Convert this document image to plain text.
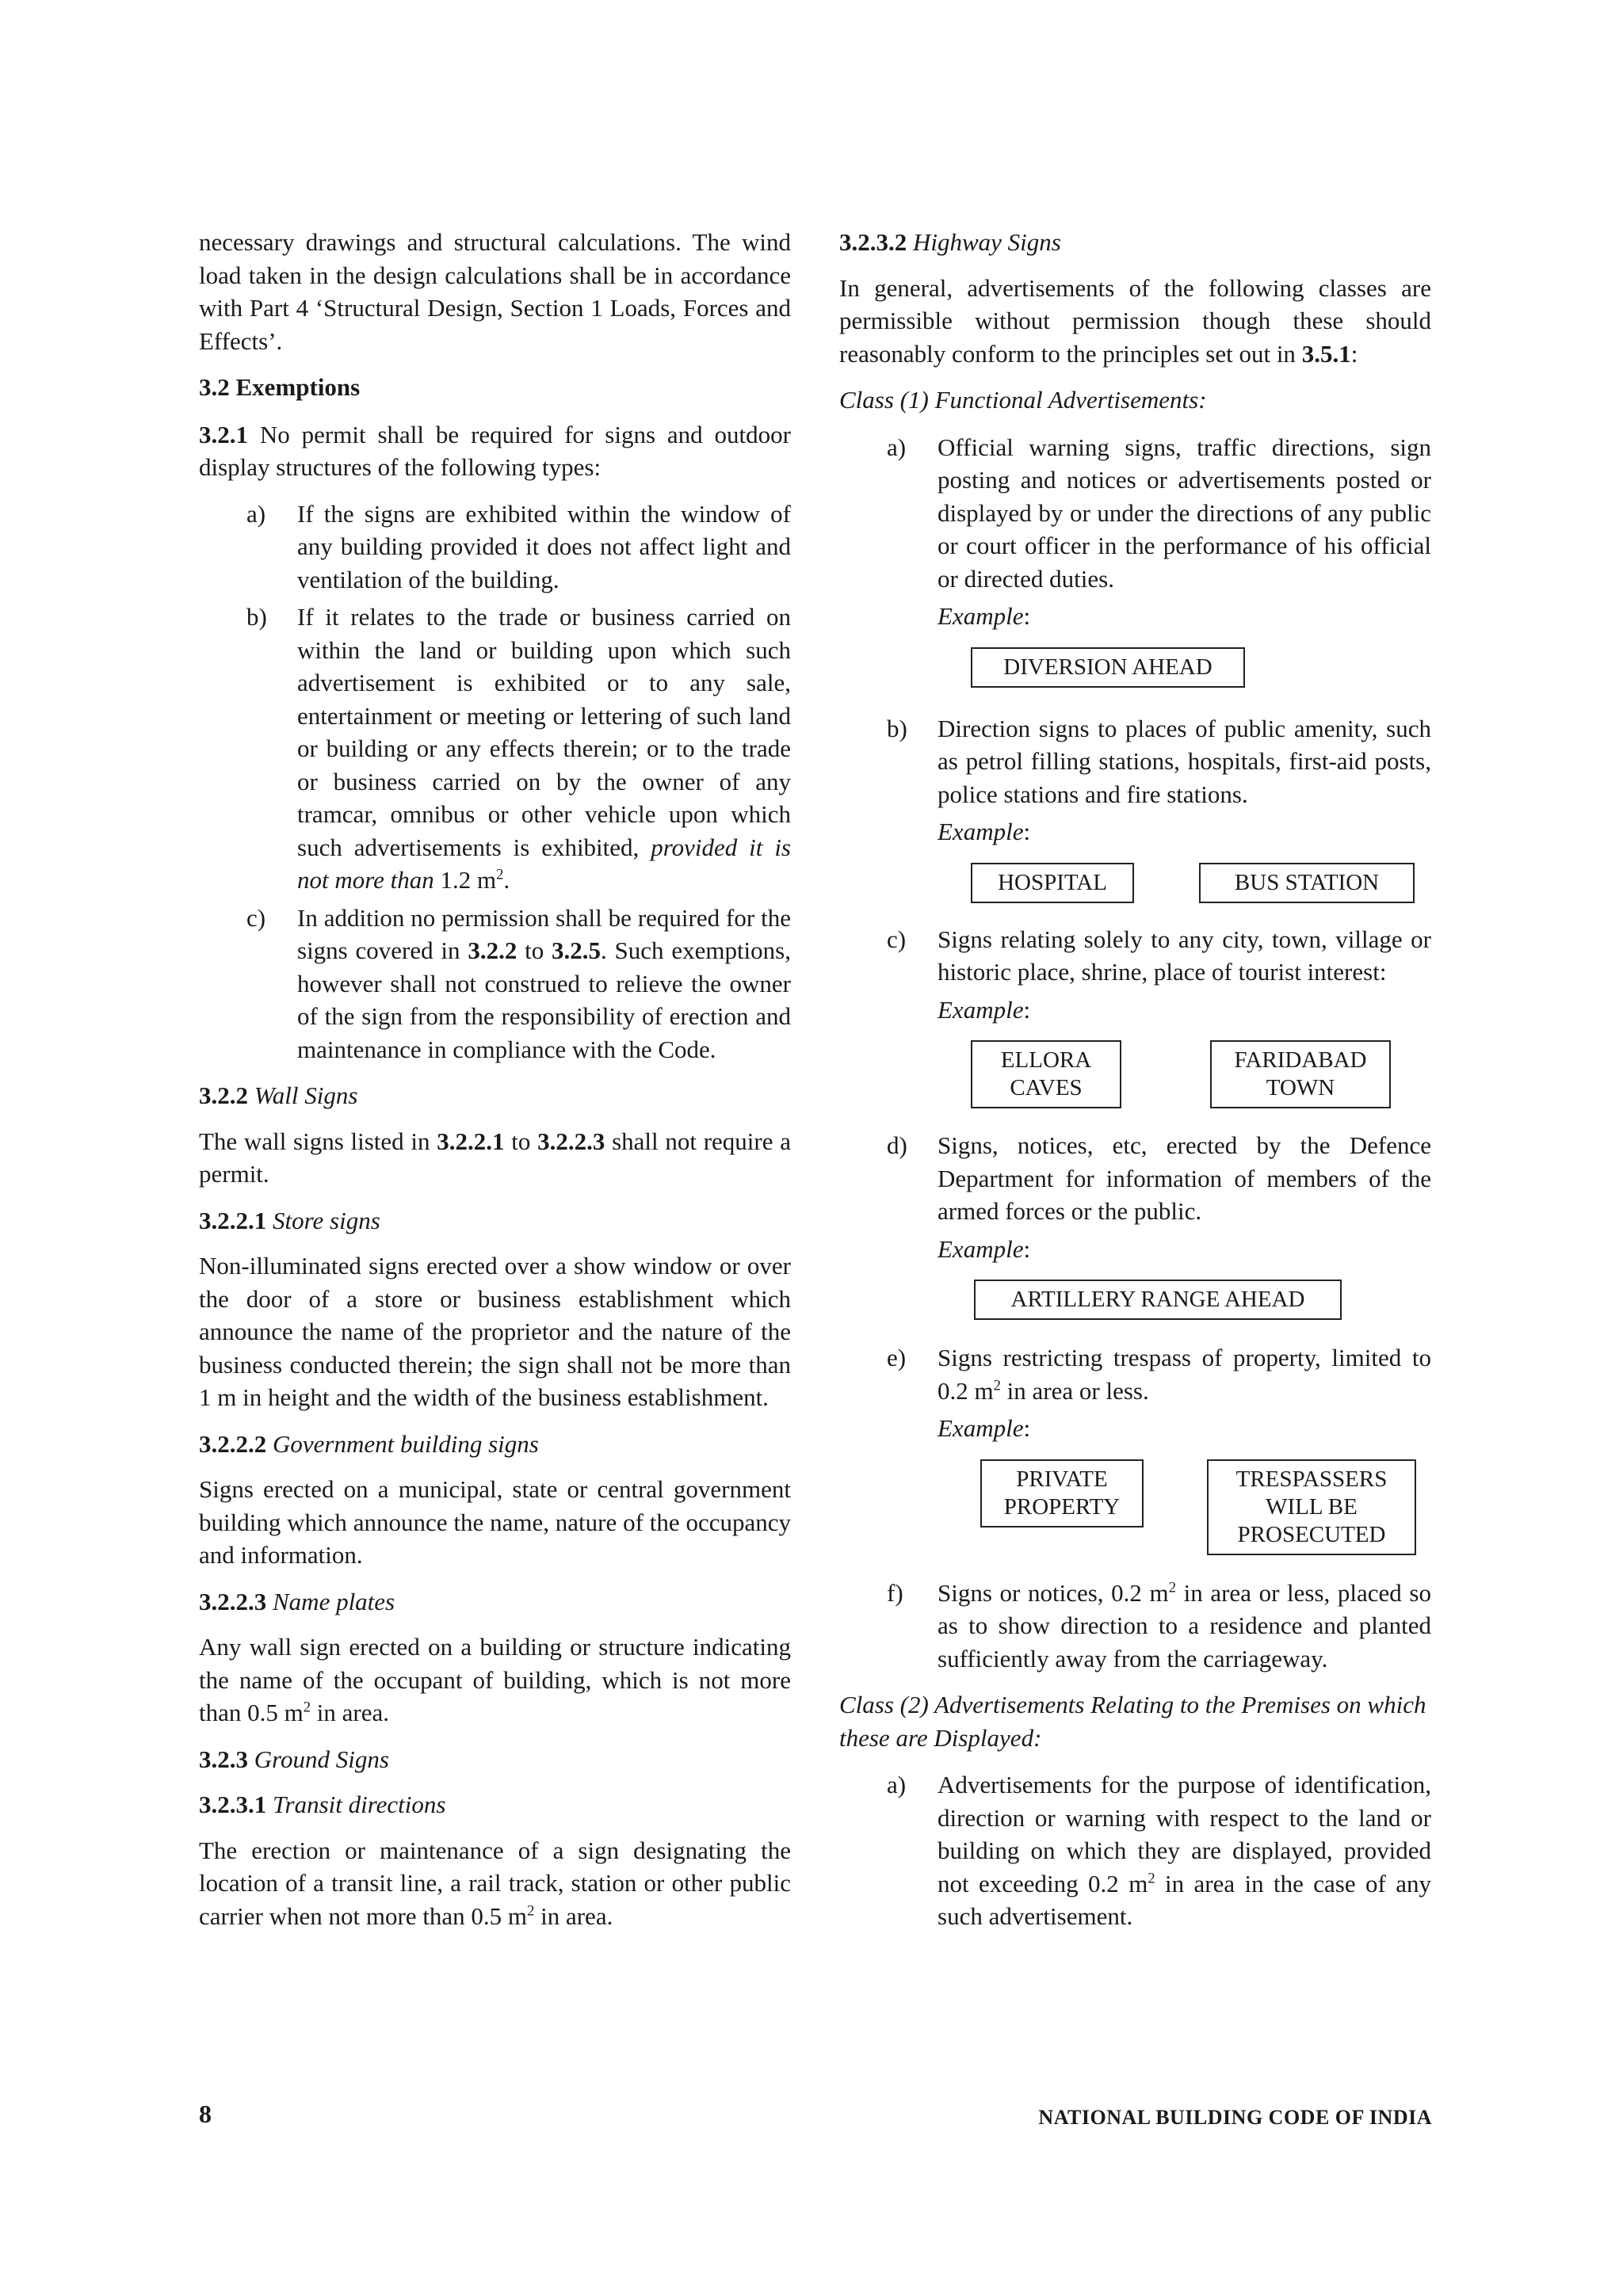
necessary drawings and structural calculations. The wind load taken in the design calculations shall be in accordance with Part 4 ‘Structural Design, Section 1 Loads, Forces and Effects’.

3.2 Exemptions

3.2.1 No permit shall be required for signs and outdoor display structures of the following types:

a) If the signs are exhibited within the window of any building provided it does not affect light and ventilation of the building.
b) If it relates to the trade or business carried on within the land or building upon which such advertisement is exhibited or to any sale, entertainment or meeting or lettering of such land or building or any effects therein; or to the trade or business carried on by the owner of any tramcar, omnibus or other vehicle upon which such advertisements is exhibited, provided it is not more than 1.2 $m^2$.
c) In addition no permission shall be required for the signs covered in 3.2.2 to 3.2.5. Such exemptions, however shall not construed to relieve the owner of the sign from the responsibility of erection and maintenance in compliance with the Code.

3.2.2 Wall Signs

The wall signs listed in 3.2.2.1 to 3.2.2.3 shall not require a permit.

3.2.2.1 Store signs

Non-illuminated signs erected over a show window or over the door of a store or business establishment which announce the name of the proprietor and the nature of the business conducted therein; the sign shall not be more than 1 m in height and the width of the business establishment.

3.2.2.2 Government building signs

Signs erected on a municipal, state or central government building which announce the name, nature of the occupancy and information.

3.2.2.3 Name plates

Any wall sign erected on a building or structure indicating the name of the occupant of building, which is not more than 0.5 $m^2$ in area.

3.2.3 Ground Signs

3.2.3.1 Transit directions

The erection or maintenance of a sign designating the location of a transit line, a rail track, station or other public carrier when not more than 0.5 $m^2$ in area.

3.2.3.2 Highway Signs

In general, advertisements of the following classes are permissible without permission though these should reasonably conform to the principles set out in 3.5.1:

Class (1) Functional Advertisements:

a) Official warning signs, traffic directions, sign posting and notices or advertisements posted or displayed by or under the directions of any public or court officer in the performance of his official or directed duties.

Example:

DIVERSION AHEAD
b) Direction signs to places of public amenity, such as petrol filling stations, hospitals, first-aid posts, police stations and fire stations.

Example:

HOSPITAL	BUS STATION
c) Signs relating solely to any city, town, village or historic place, shrine, place of tourist interest:

Example:

ELLORA
CAVES
FARIDABAD
TOWN
d) Signs, notices, etc, erected by the Defence Department for information of members of the armed forces or the public.

Example:

ARTILLERY RANGE AHEAD
e) Signs restricting trespass of property, limited to 0.2 $m^2$ in area or less.

Example:

PRIVATE
PROPERTY
TRESPASSERS
WILL BE
PROSECUTED
f) Signs or notices, 0.2 $m^2$ in area or less, placed so as to show direction to a residence and planted sufficiently away from the carriageway.

Class (2) Advertisements Relating to the Premises on which these are Displayed:

a) Advertisements for the purpose of identification, direction or warning with respect to the land or building on which they are displayed, provided not exceeding 0.2 $m^2$ in area in the case of any such advertisement.
8	NATIONAL BUILDING CODE OF INDIA
